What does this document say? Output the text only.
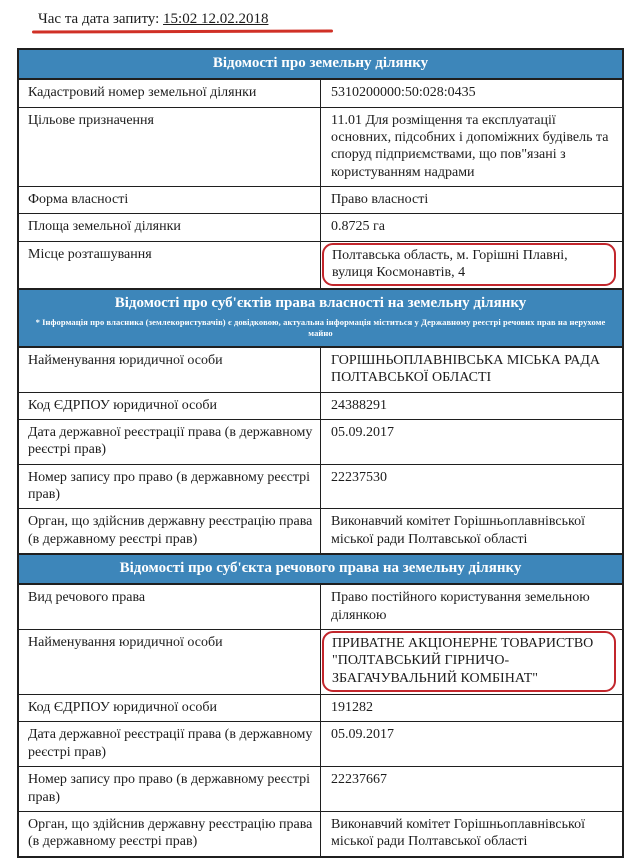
Час та дата запиту: 15:02 12.02.2018
Відомості про земельну ділянку	
Кадастровий номер земельної ділянки	5310200000:50:028:0435
Цільове призначення	11.01 Для розміщення та експлуатації основних, підсобних і допоміжних будівель та споруд підприємствами, що пов"язані з користуванням надрами
Форма власності	Право власності
Площа земельної ділянки	0.8725 га
Місце розташування	Полтавська область, м. Горішні Плавні, вулиця Космонавтів, 4
Відомості про суб'єктів права власності на земельну ділянку
* Інформація про власника (землекористувачів) є довідковою, актуальна інформація міститься у Державному реєстрі речових прав на нерухоме майно	

Найменування юридичної особи	ГОРІШНЬОПЛАВНІВСЬКА МІСЬКА РАДА ПОЛТАВСЬКОЇ ОБЛАСТІ
Код ЄДРПОУ юридичної особи	24388291
Дата державної реєстрації права (в державному реєстрі прав)	05.09.2017
Номер запису про право (в державному реєстрі прав)	22237530
Орган, що здійснив державну реєстрацію права (в державному реєстрі прав)	Виконавчий комітет Горішньоплавнівської міської ради Полтавської області
Відомості про суб'єкта речового права на земельну ділянку	
Вид речового права	Право постійного користування земельною ділянкою
Найменування юридичної особи	ПРИВАТНЕ АКЦІОНЕРНЕ ТОВАРИСТВО "ПОЛТАВСЬКИЙ ГІРНИЧО-ЗБАГАЧУВАЛЬНИЙ КОМБІНАТ"
Код ЄДРПОУ юридичної особи	191282
Дата державної реєстрації права (в державному реєстрі прав)	05.09.2017
Номер запису про право (в державному реєстрі прав)	22237667
Орган, що здійснив державну реєстрацію права (в державному реєстрі прав)	Виконавчий комітет Горішньоплавнівської міської ради Полтавської області
